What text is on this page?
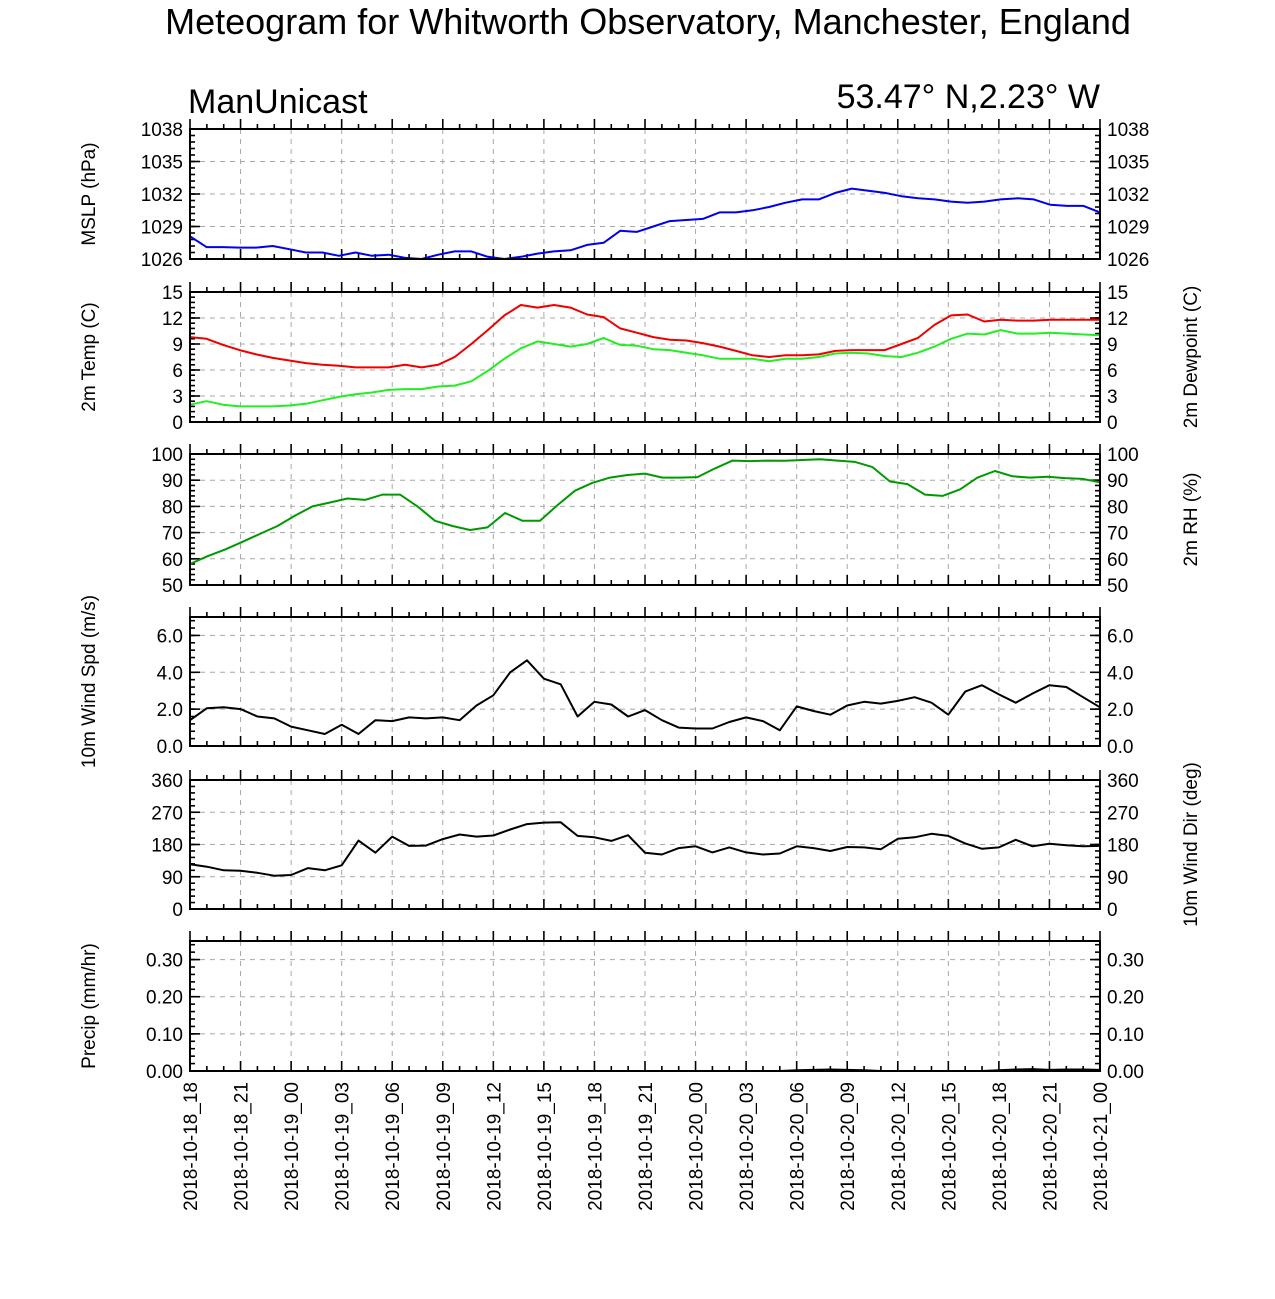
Meteogram for Whitworth Observatory, Manchester, England
ManUnicast	53.47° N,2.23° W
1026	1026
1029	1029
1032	1032
1035	1035
1038	1038
MSLP (hPa)
0	0
3	3
6	6
9	9
12	12
15	15
2m Temp (C)	2m Dewpoint (C)
50	50
60	60
70	70
80	80
90	90
100	100
2m RH (%)
0.0	0.0
2.0	2.0
4.0	4.0
6.0	6.0
10m Wind Spd (m/s)
0	0
90	90
180	180
270	270
360	360 10m Wind Dir (deg)
0.00	0.00
0.10	0.10
0.20	0.20
0.30	0.30
Precip (mm/hr)
2018-10-18_18 2018-10-18_21 2018-10-19_00 2018-10-19_03 2018-10-19_06 2018-10-19_09 2018-10-19_12 2018-10-19_15 2018-10-19_18 2018-10-19_21 2018-10-20_00 2018-10-20_03 2018-10-20_06 2018-10-20_09 2018-10-20_12 2018-10-20_15 2018-10-20_18 2018-10-20_21 2018-10-21_00
